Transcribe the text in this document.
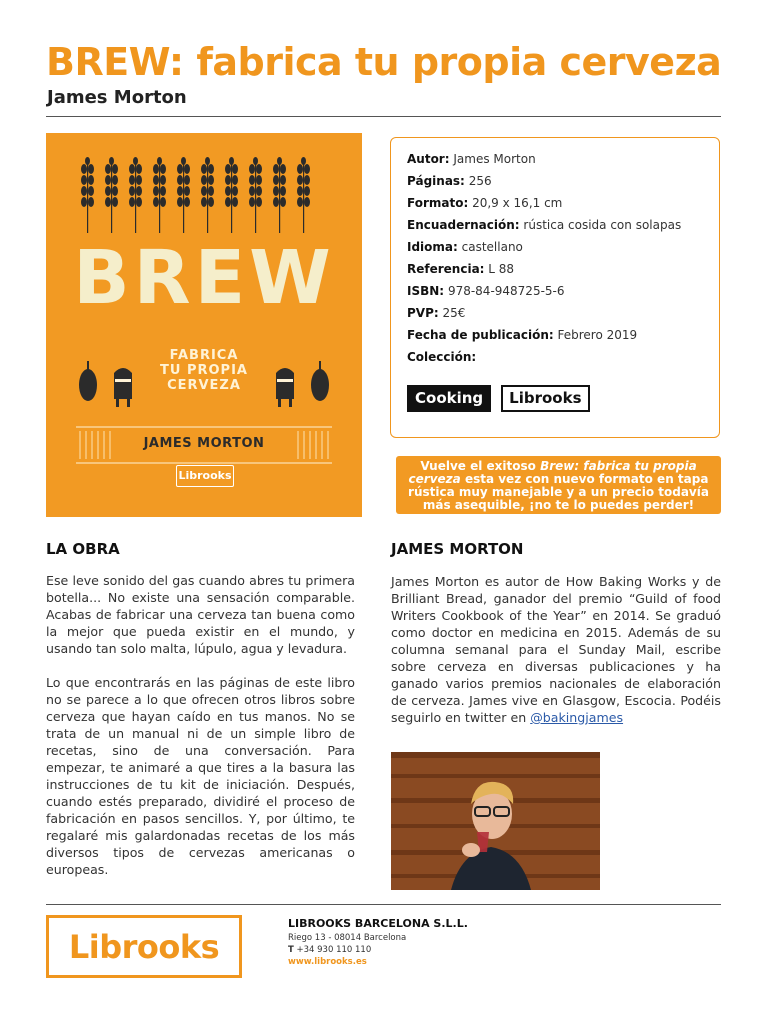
BREW: fabrica tu propia cerveza
James Morton
BREW
FABRICA
TU PROPIA
CERVEZA
JAMES MORTON
Librooks
Autor: James Morton
Páginas: 256
Formato: 20,9 x 16,1 cm
Encuadernación: rústica cosida con solapas
Idioma: castellano
Referencia: L 88
ISBN: 978-84-948725-5-6
PVP: 25€
Fecha de publicación: Febrero 2019
Colección:
Cooking	Librooks
Vuelve el exitoso Brew: fabrica tu propia cerveza esta vez con nuevo formato en tapa rústica muy manejable y a un precio todavía más asequible, ¡no te lo puedes perder!
LA OBRA	JAMES MORTON

Ese leve sonido del gas cuando abres tu primera botella... No existe una sensación comparable. Acabas de fabricar una cerveza tan buena como la mejor que pueda existir en el mundo, y usando tan solo malta, lúpulo, agua y levadura.

Lo que encontrarás en las páginas de este libro no se parece a lo que ofrecen otros libros sobre cerveza que hayan caído en tus manos. No se trata de un manual ni de un simple libro de recetas, sino de una conversación. Para empezar, te animaré a que tires a la basura las instrucciones de tu kit de iniciación. Después, cuando estés preparado, dividiré el proceso de fabricación en pasos sencillos. Y, por último, te regalaré mis galardonadas recetas de los más diversos tipos de cervezas americanas o europeas.

James Morton es autor de How Baking Works y de Brilliant Bread, ganador del premio “Guild of food Writers Cookbook of the Year” en 2014. Se graduó como doctor en medicina en 2015. Además de su columna semanal para el Sunday Mail, escribe sobre cerveza en diversas publicaciones y ha ganado varios premios nacionales de elaboración de cerveza. James vive en Glasgow, Escocia. Podéis seguirlo en twitter en @bakingjames
Librooks
LIBROOKS BARCELONA S.L.L.
Riego 13 - 08014 Barcelona
T +34 930 110 110
www.librooks.es
